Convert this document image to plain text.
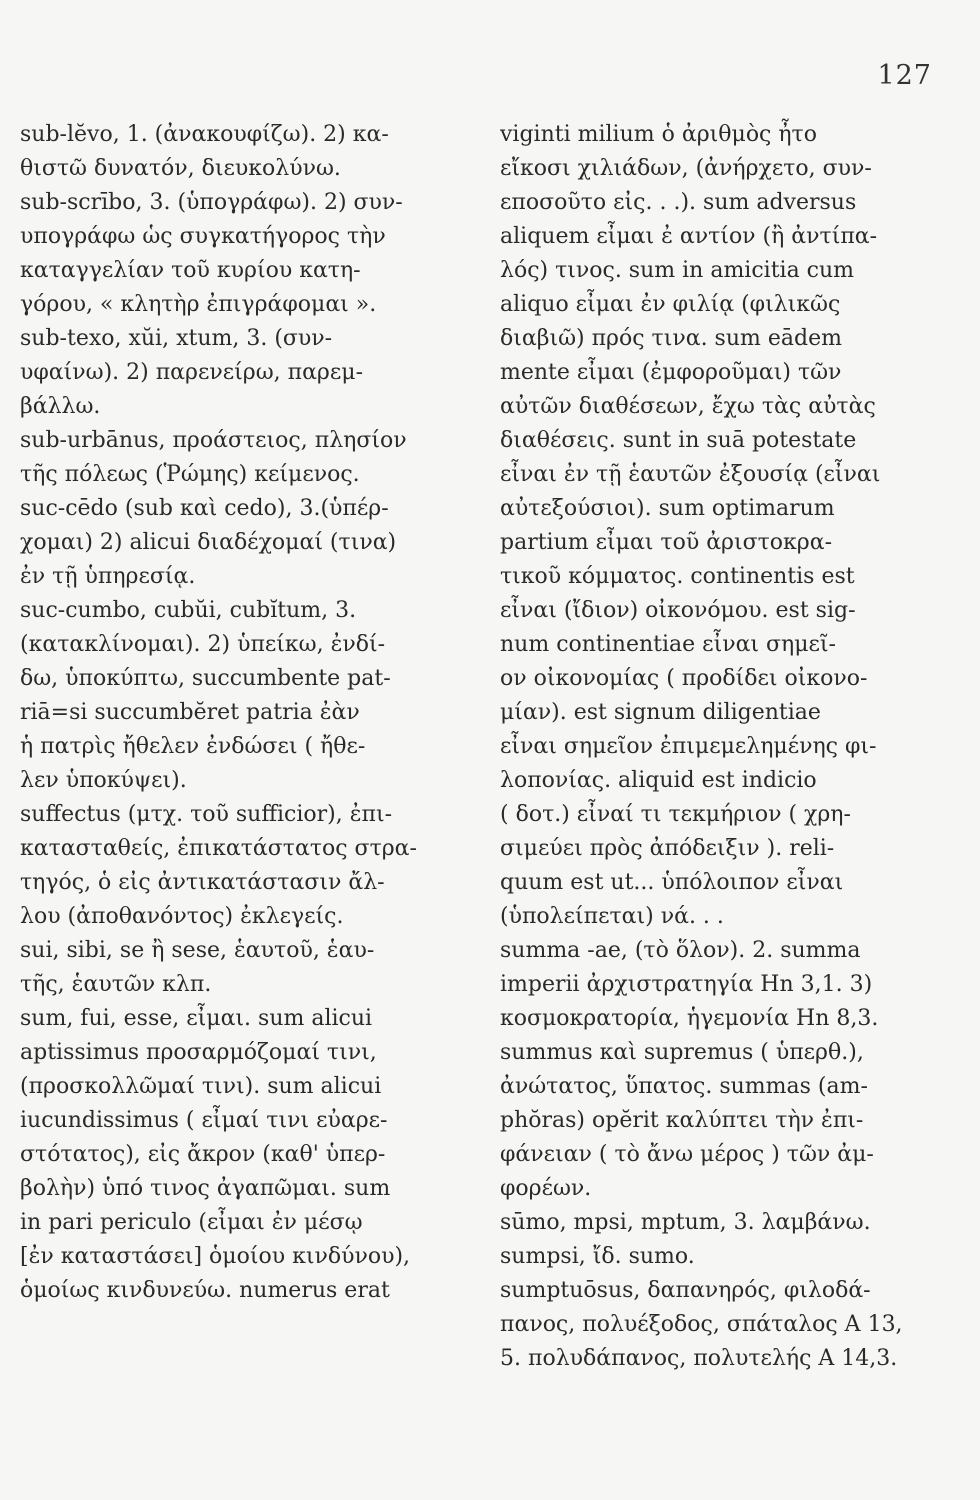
127
sub-lĕvo, 1. (ἀνακουφίζω). 2) κα-
θιστῶ δυνατόν, διευκολύνω.
sub-scrībo, 3. (ὑπογράφω). 2) συν-
υπογράφω ὡς συγκατήγορος τὴν
καταγγελίαν τοῦ κυρίου κατη-
γόρου, « κλητὴρ ἐπιγράφομαι ».
sub-texo, xŭi, xtum, 3. (συν-
υφαίνω). 2) παρενείρω, παρεμ-
βάλλω.
sub-urbānus, προάστειος, πλησίον
τῆς πόλεως (Ῥώμης) κείμενος.
suc-cēdo (sub καὶ cedo), 3.(ὑπέρ-
χομαι) 2) alicui διαδέχομαί (τινα)
ἐν τῇ ὑπηρεσίᾳ.
suc-cumbo, cubŭi, cubĭtum, 3.
(κατακλίνομαι). 2) ὑπείκω, ἐνδί-
δω, ὑποκύπτω, succumbente pat-
riā=si succumbĕret patria ἐὰν
ἡ πατρὶς ἤθελεν ἐνδώσει ( ἤθε-
λεν ὑποκύψει).
suffectus (μτχ. τοῦ sufficior), ἐπι-
κατασταθείς, ἐπικατάστατος στρα-
τηγός, ὁ εἰς ἀντικατάστασιν ἄλ-
λου (ἀποθανόντος) ἐκλεγείς.
sui, sibi, se ἢ sese, ἑαυτοῦ, ἑαυ-
τῆς, ἑαυτῶν κλπ.
sum, fui, esse, εἶμαι. sum alicui
aptissimus προσαρμόζομαί τινι,
(προσκολλῶμαί τινι). sum alicui
iucundissimus ( εἶμαί τινι εὐαρε-
στότατος), εἰς ἄκρον (καθ' ὑπερ-
βολὴν) ὑπό τινος ἀγαπῶμαι. sum
in pari periculo (εἶμαι ἐν μέσῳ
[ἐν καταστάσει] ὁμοίου κινδύνου),
ὁμοίως κινδυνεύω. numerus erat
viginti milium ὁ ἀριθμὸς ἦτο
εἴκοσι χιλιάδων, (ἀνήρχετο, συν-
εποσοῦτο εἰς. . .). sum adversus
aliquem εἶμαι ἐ αντίον (ἢ ἀντίπα-
λός) τινος. sum in amicitia cum
aliquo εἶμαι ἐν φιλίᾳ (φιλικῶς
διαβιῶ) πρός τινα. sum eādem
mente εἶμαι (ἐμφοροῦμαι) τῶν
αὐτῶν διαθέσεων, ἔχω τὰς αὐτὰς
διαθέσεις. sunt in suā potestate
εἶναι ἐν τῇ ἑαυτῶν ἐξουσίᾳ (εἶναι
αὐτεξούσιοι). sum optimarum
partium εἶμαι τοῦ ἀριστοκρα-
τικοῦ κόμματος. continentis est
εἶναι (ἴδιον) οἰκονόμου. est sig-
num continentiae εἶναι σημεῖ-
ον οἰκονομίας ( προδίδει οἰκονο-
μίαν). est signum diligentiae
εἶναι σημεῖον ἐπιμεμελημένης φι-
λοπονίας. aliquid est indicio
( δοτ.) εἶναί τι τεκμήριον ( χρη-
σιμεύει πρὸς ἀπόδειξιν ). reli-
quum est ut... ὑπόλοιπον εἶναι
(ὑπολείπεται) νά. . .
summa -ae, (τὸ ὅλον). 2. summa
imperii ἀρχιστρατηγία Hn 3,1. 3)
κοσμοκρατορία, ἡγεμονία Hn 8,3.
summus καὶ supremus ( ὑπερθ.),
ἀνώτατος, ὕπατος. summas (am-
phŏras) opĕrit καλύπτει τὴν ἐπι-
φάνειαν ( τὸ ἄνω μέρος ) τῶν ἀμ-
φορέων.
sūmo, mpsi, mptum, 3. λαμβάνω.
sumpsi, ἴδ. sumo.
sumptuōsus, δαπανηρός, φιλοδά-
πανος, πολυέξοδος, σπάταλος A 13,
5. πολυδάπανος, πολυτελής A 14,3.
